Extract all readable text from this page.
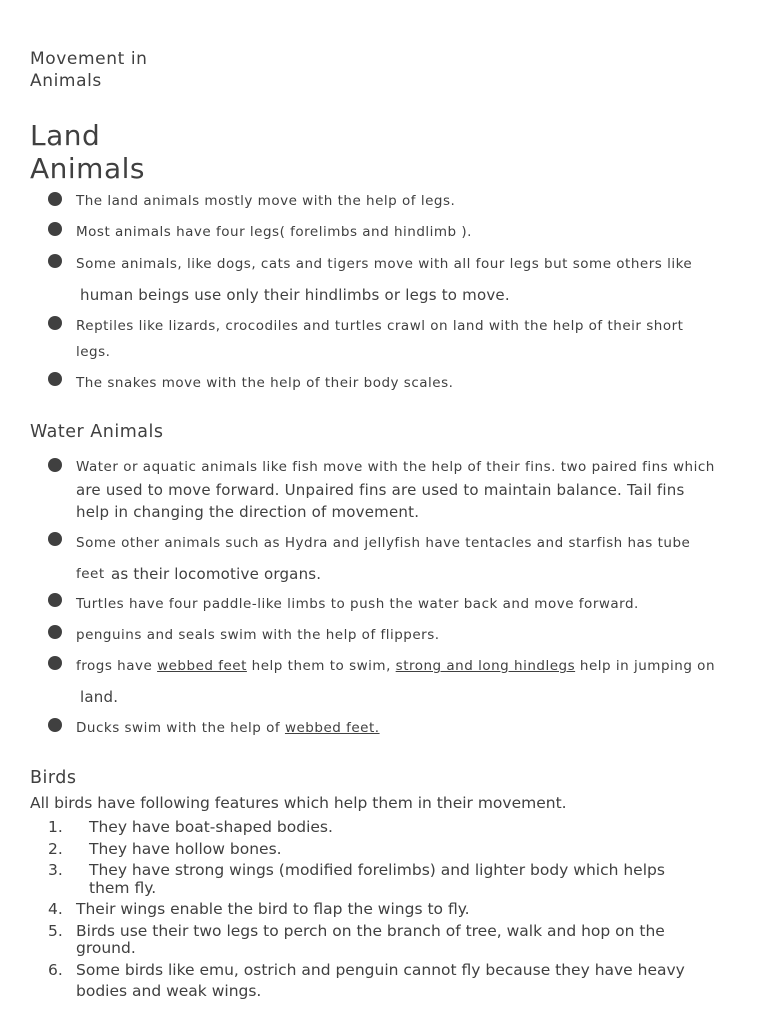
Movement in Animals
Land Animals
The land animals mostly move with the help of legs.
Most animals have four legs( forelimbs and hindlimb ).
Some animals, like dogs, cats and tigers move with all four legs but some others like
human beings use only their hindlimbs or legs to move.
Reptiles like lizards, crocodiles and turtles crawl on land with the help of their short
legs.
The snakes move with the help of their body scales.
Water Animals
Water or aquatic animals like fish move with the help of their fins. two paired fins which
are used to move forward. Unpaired fins are used to maintain balance. Tail fins
help in changing the direction of movement.
Some other animals such as Hydra and jellyfish have tentacles and starfish has tube
feet as their locomotive organs.
Turtles have four paddle-like limbs to push the water back and move forward.
penguins and seals swim with the help of flippers.
frogs have webbed feet help them to swim, strong and long hindlegs help in jumping on
land.
Ducks swim with the help of webbed feet.
Birds
All birds have following features which help them in their movement.
1.	They have boat-shaped bodies.
2.	They have hollow bones.
3.	They have strong wings (modified forelimbs) and lighter body which helps
them fly.
4. Their wings enable the bird to flap the wings to fly.
5. Birds use their two legs to perch on the branch of tree, walk and hop on the
ground.
6. Some birds like emu, ostrich and penguin cannot fly because they have heavy
bodies and weak wings.
